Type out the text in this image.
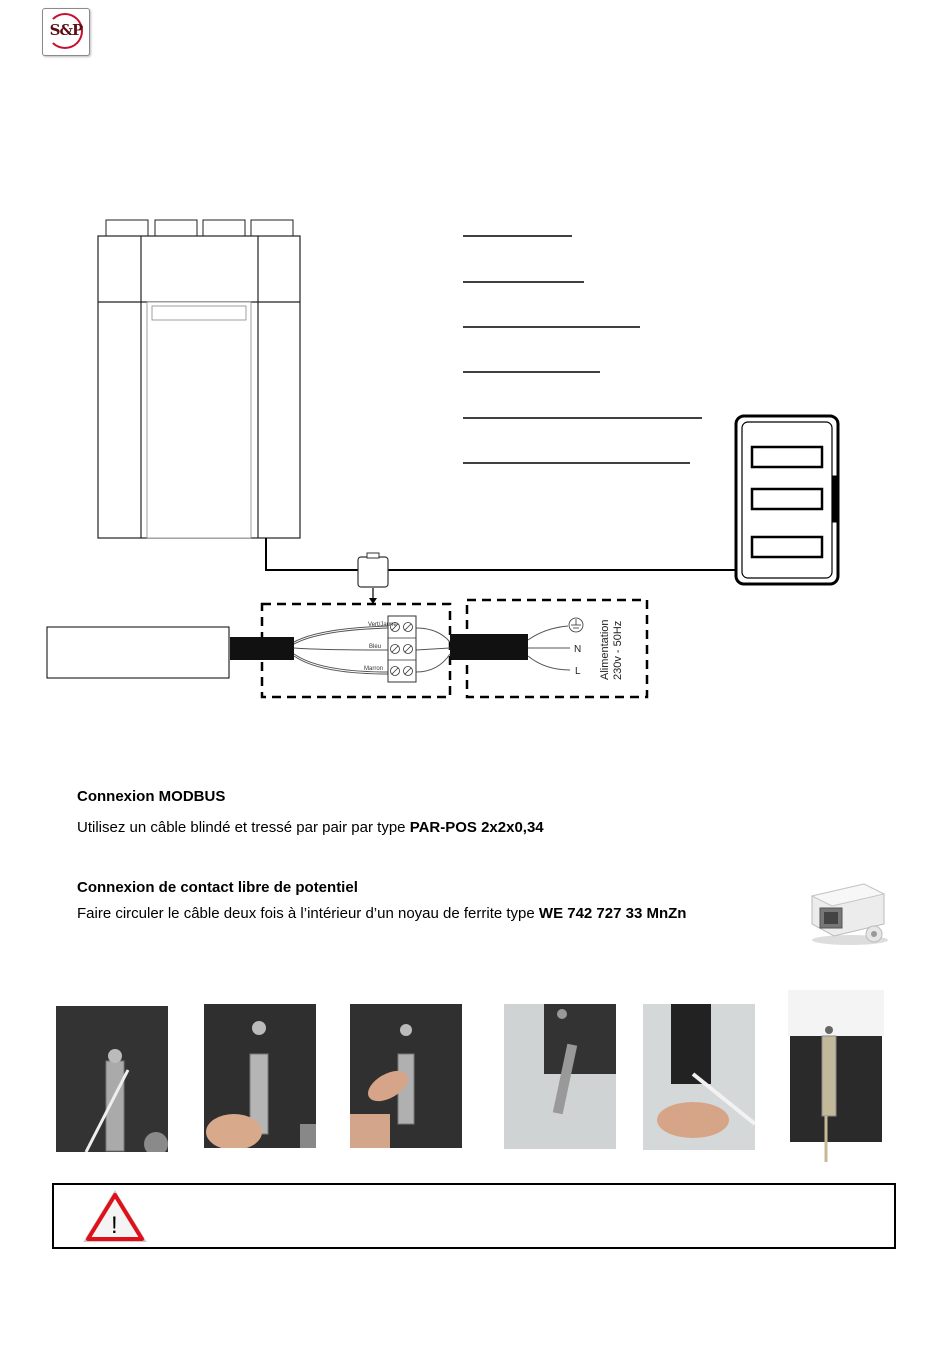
S&P
Vert/Jaune
Bleu
Marron
N
L Alimentation 230v - 50Hz
Connexion MODBUS
Utilisez un câble blindé et tressé par pair par type PAR-POS 2x2x0,34
Connexion de contact libre de potentiel
Faire circuler le câble deux fois à l’intérieur d’un noyau de ferrite type WE 742 727 33 MnZn
!
